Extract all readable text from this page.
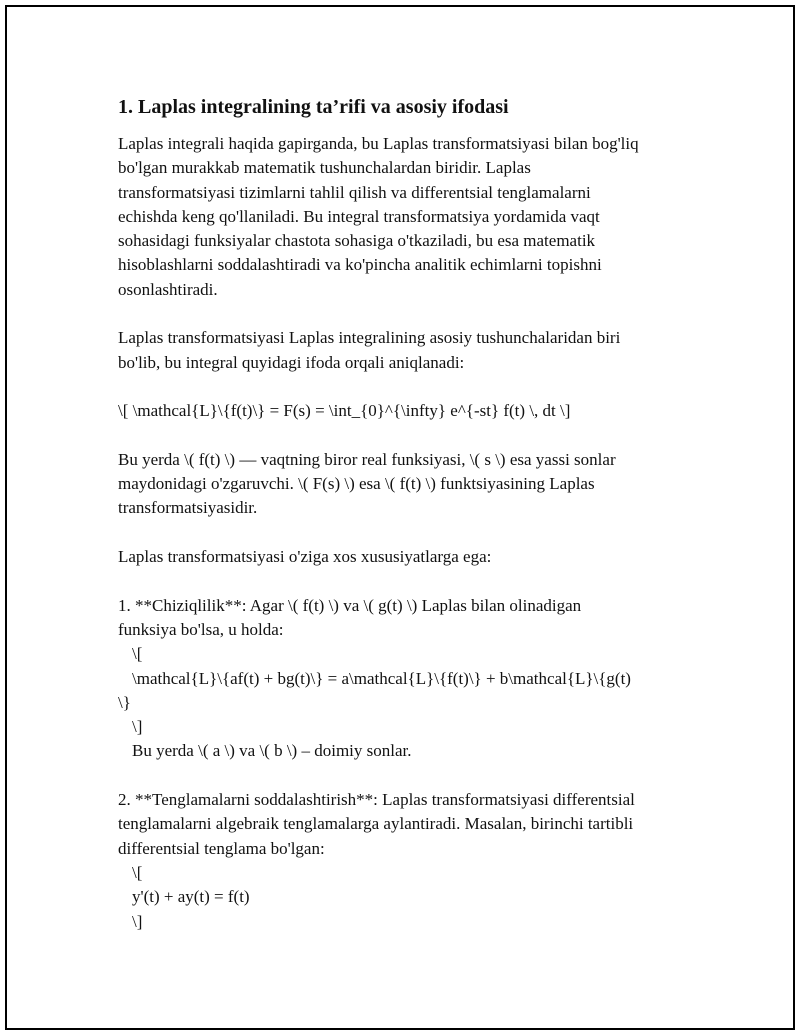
1. Laplas integralining ta’rifi va asosiy ifodasi
Laplas integrali haqida gapirganda, bu Laplas transformatsiyasi bilan bog'liq
bo'lgan murakkab matematik tushunchalardan biridir. Laplas
transformatsiyasi tizimlarni tahlil qilish va differentsial tenglamalarni
echishda keng qo'llaniladi. Bu integral transformatsiya yordamida vaqt
sohasidagi funksiyalar chastota sohasiga o'tkaziladi, bu esa matematik
hisoblashlarni soddalashtiradi va ko'pincha analitik echimlarni topishni
osonlashtiradi.
Laplas transformatsiyasi Laplas integralining asosiy tushunchalaridan biri
bo'lib, bu integral quyidagi ifoda orqali aniqlanadi:
\[ \mathcal{L}\{f(t)\} = F(s) = \int_{0}^{\infty} e^{-st} f(t) \, dt \]
Bu yerda \( f(t) \) — vaqtning biror real funksiyasi, \( s \) esa yassi sonlar
maydonidagi o'zgaruvchi. \( F(s) \) esa \( f(t) \) funktsiyasining Laplas
transformatsiyasidir.
Laplas transformatsiyasi o'ziga xos xususiyatlarga ega:
1. **Chiziqlilik**: Agar \( f(t) \) va \( g(t) \) Laplas bilan olinadigan
funksiya bo'lsa, u holda:
\[
\mathcal{L}\{af(t) + bg(t)\} = a\mathcal{L}\{f(t)\} + b\mathcal{L}\{g(t)
\}
\]
Bu yerda \( a \) va \( b \) – doimiy sonlar.
2. **Tenglamalarni soddalashtirish**: Laplas transformatsiyasi differentsial
tenglamalarni algebraik tenglamalarga aylantiradi. Masalan, birinchi tartibli
differentsial tenglama bo'lgan:
\[
y'(t) + ay(t) = f(t)
\]
